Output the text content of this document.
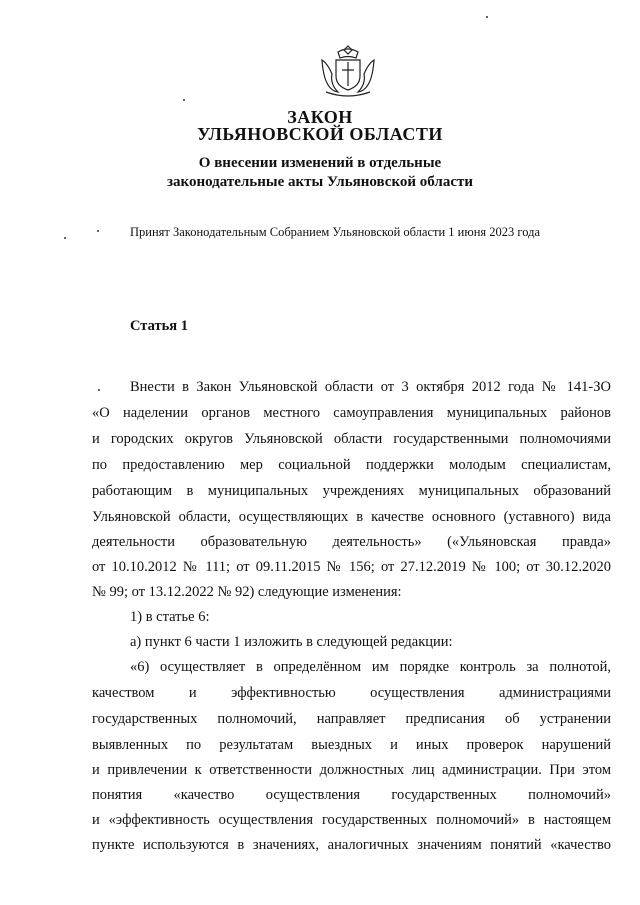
ЗАКОН
УЛЬЯНОВСКОЙ ОБЛАСТИ
О внесении изменений в отдельные
законодательные акты Ульяновской области
Принят Законодательным Собранием Ульяновской области 1 июня 2023 года
Статья 1
Внести в Закон Ульяновской области от 3 октября 2012 года № 141-ЗО
«О наделении органов местного самоуправления муниципальных районов
и городских округов Ульяновской области государственными полномочиями
по предоставлению мер социальной поддержки молодым специалистам,
работающим в муниципальных учреждениях муниципальных образований
Ульяновской области, осуществляющих в качестве основного (уставного) вида
деятельности образовательную деятельность» («Ульяновская правда»
от 10.10.2012 № 111; от 09.11.2015 № 156; от 27.12.2019 № 100; от 30.12.2020
№ 99; от 13.12.2022 № 92) следующие изменения:
1) в статье 6:
а) пункт 6 части 1 изложить в следующей редакции:
«6) осуществляет в определённом им порядке контроль за полнотой,
качеством и эффективностью осуществления администрациями
государственных полномочий, направляет предписания об устранении
выявленных по результатам выездных и иных проверок нарушений
и привлечении к ответственности должностных лиц администрации. При этом
понятия «качество осуществления государственных полномочий»
и «эффективность осуществления государственных полномочий» в настоящем
пункте используются в значениях, аналогичных значениям понятий «качество
